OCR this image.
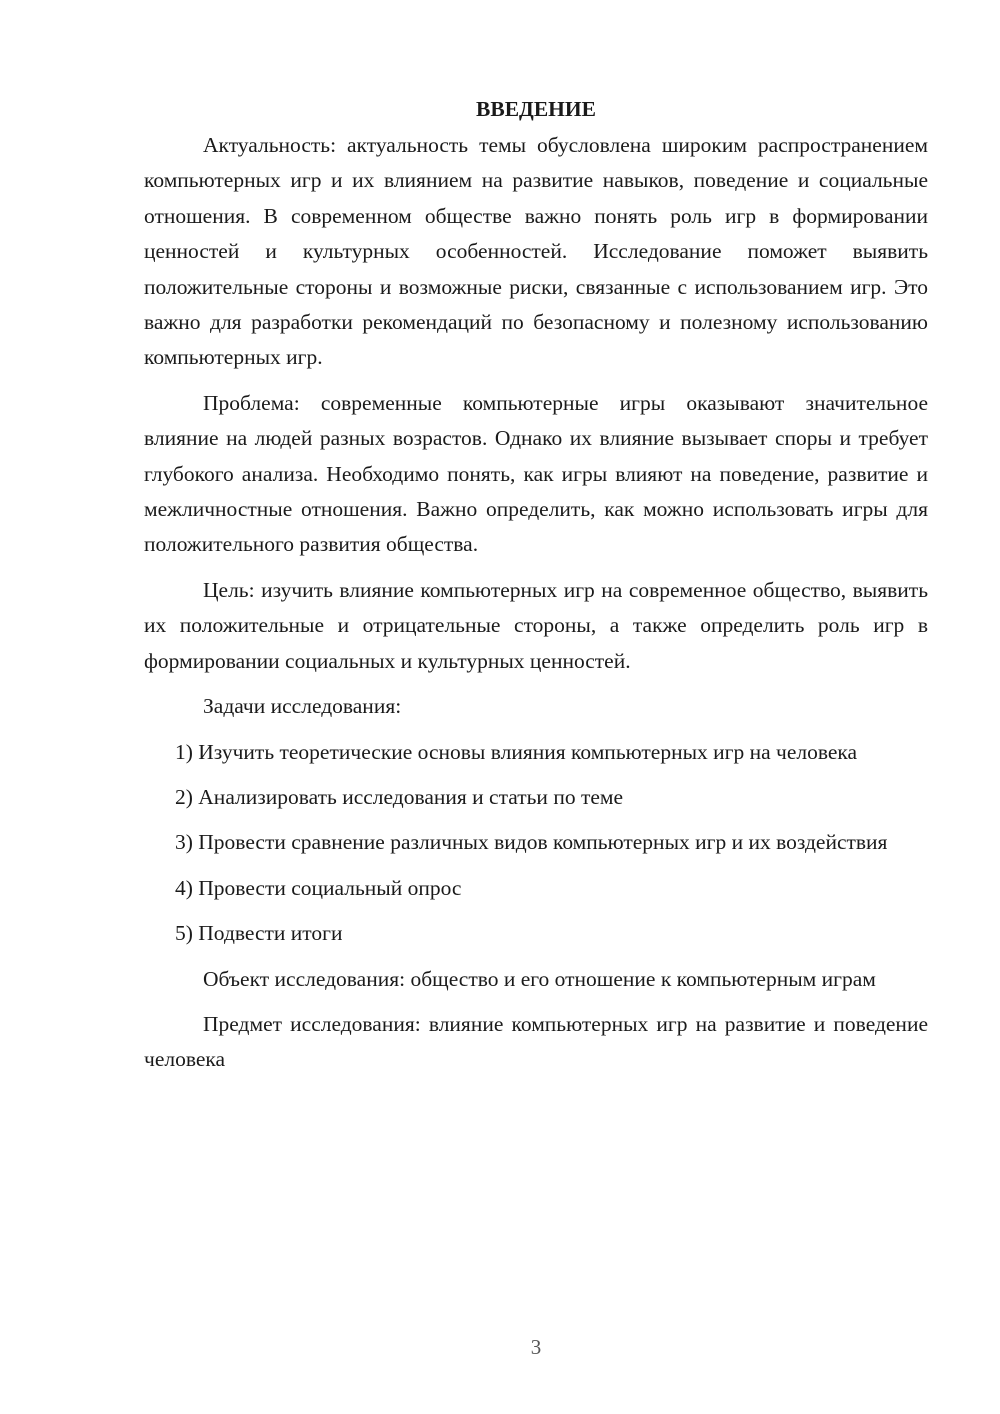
ВВЕДЕНИЕ

Актуальность: актуальность темы обусловлена широким распространением компьютерных игр и их влиянием на развитие навыков, поведение и социальные отношения. В современном обществе важно понять роль игр в формировании ценностей и культурных особенностей. Исследование поможет выявить положительные стороны и возможные риски, связанные с использованием игр. Это важно для разработки рекомендаций по безопасному и полезному использованию компьютерных игр.

Проблема: современные компьютерные игры оказывают значительное влияние на людей разных возрастов. Однако их влияние вызывает споры и требует глубокого анализа. Необходимо понять, как игры влияют на поведение, развитие и межличностные отношения. Важно определить, как можно использовать игры для положительного развития общества.

Цель: изучить влияние компьютерных игр на современное общество, выявить их положительные и отрицательные стороны, а также определить роль игр в формировании социальных и культурных ценностей.

Задачи исследования:

1) Изучить теоретические основы влияния компьютерных игр на человека

2) Анализировать исследования и статьи по теме

3) Провести сравнение различных видов компьютерных игр и их воздействия

4) Провести социальный опрос

5) Подвести итоги

Объект исследования: общество и его отношение к компьютерным играм

Предмет исследования: влияние компьютерных игр на развитие и поведение человека

3
